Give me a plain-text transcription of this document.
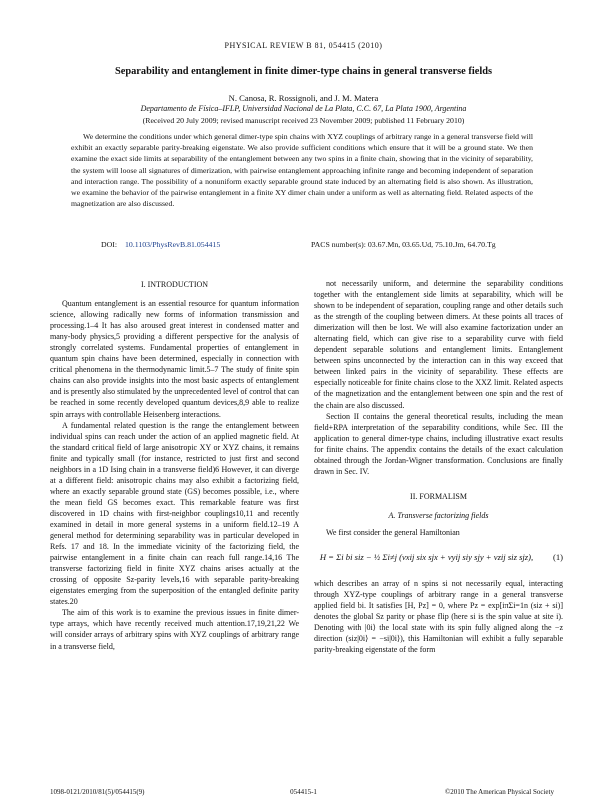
PHYSICAL REVIEW B 81, 054415 (2010)
Separability and entanglement in finite dimer-type chains in general transverse fields
N. Canosa, R. Rossignoli, and J. M. Matera
Departamento de Física–IFLP, Universidad Nacional de La Plata, C.C. 67, La Plata 1900, Argentina
(Received 20 July 2009; revised manuscript received 23 November 2009; published 11 February 2010)

We determine the conditions under which general dimer-type spin chains with XYZ couplings of arbitrary range in a general transverse field will exhibit an exactly separable parity-breaking eigenstate. We also provide sufficient conditions which ensure that it will be a ground state. We then examine the exact side limits at separability of the entanglement between any two spins in a finite chain, showing that in the vicinity of separability, the system will loose all signatures of dimerization, with pairwise entanglement approaching infinite range and becoming independent of separation and interaction range. The possibility of a nonuniform exactly separable ground state induced by an alternating field is also shown. As illustration, we examine the behavior of the pairwise entanglement in a finite XY dimer chain under a uniform as well as alternating field. Related aspects of the magnetization are also discussed.

DOI: 10.1103/PhysRevB.81.054415	PACS number(s): 03.67.Mn, 03.65.Ud, 75.10.Jm, 64.70.Tg
I. INTRODUCTION

Quantum entanglement is an essential resource for quantum information science, allowing radically new forms of information transmission and processing.1–4 It has also aroused great interest in condensed matter and many-body physics,5 providing a different perspective for the analysis of strongly correlated systems. Fundamental properties of entanglement in quantum spin chains have been determined, especially in connection with critical phenomena in the thermodynamic limit.5–7 The study of finite spin chains can also provide insights into the most basic aspects of entanglement and is presently also stimulated by the unprecedented level of control that can be reached in some recently developed quantum devices,8,9 able to realize spin arrays with controllable Heisenberg interactions.

A fundamental related question is the range the entanglement between individual spins can reach under the action of an applied magnetic field. At the standard critical field of large anisotropic XY or XYZ chains, it remains finite and typically small (for instance, restricted to just first and second neighbors in a 1D Ising chain in a transverse field)6 However, it can diverge at a different field: anisotropic chains may also exhibit a factorizing field, where an exactly separable ground state (GS) becomes possible, i.e., where the mean field GS becomes exact. This remarkable feature was first discovered in 1D chains with first-neighbor couplings10,11 and recently examined in detail in more general systems in a uniform field.12–19 A general method for determining separability was in particular developed in Refs. 17 and 18. In the immediate vicinity of the factorizing field, the pairwise entanglement in a finite chain can reach full range.14,16 The transverse factorizing field in finite XYZ chains arises actually at the crossing of opposite Sz-parity levels,16 with separable parity-breaking eigenstates emerging from the superposition of the entangled definite parity states.20

The aim of this work is to examine the previous issues in finite dimer-type arrays, which have recently received much attention.17,19,21,22 We will consider arrays of arbitrary spins with XYZ couplings of arbitrary range in a transverse field,

not necessarily uniform, and determine the separability conditions together with the entanglement side limits at separability, which will be shown to be independent of separation, coupling range and other details such as the strength of the coupling between dimers. At these points all traces of dimerization will then be lost. We will also examine factorization under an alternating field, which can give rise to a separability curve with field dependent separable solutions and entanglement limits. Entanglement between spins unconnected by the interaction can in this way exceed that between linked pairs in the vicinity of separability. These effects are especially noticeable for finite chains close to the XXZ limit. Related aspects of the magnetization and the entanglement between one spin and the rest of the chain are also discussed.

Section II contains the general theoretical results, including the mean field+RPA interpretation of the separability conditions, while Sec. III the application to general dimer-type chains, including illustrative exact results for finite chains. The appendix contains the details of the exact calculation obtained through the Jordan-Wigner transformation. Conclusions are finally drawn in Sec. IV.

II. FORMALISM
A. Transverse factorizing fields

We first consider the general Hamiltonian

H = Σi bi siz − ½ Σi≠j (vxij six sjx + vyij siy sjy + vzij siz sjz),	(1)

which describes an array of n spins si not necessarily equal, interacting through XYZ-type couplings of arbitrary range in a general transverse applied field bi. It satisfies [H, Pz] = 0, where Pz = exp[iπΣi=1n (siz + si)] denotes the global Sz parity or phase flip (here si is the spin value at site i). Denoting with |0i⟩ the local state with its spin fully aligned along the −z direction (siz|0i⟩ = −si|0i⟩), this Hamiltonian will exhibit a fully separable parity-breaking eigenstate of the form

1098-0121/2010/81(5)/054415(9)	054415-1	©2010 The American Physical Society
